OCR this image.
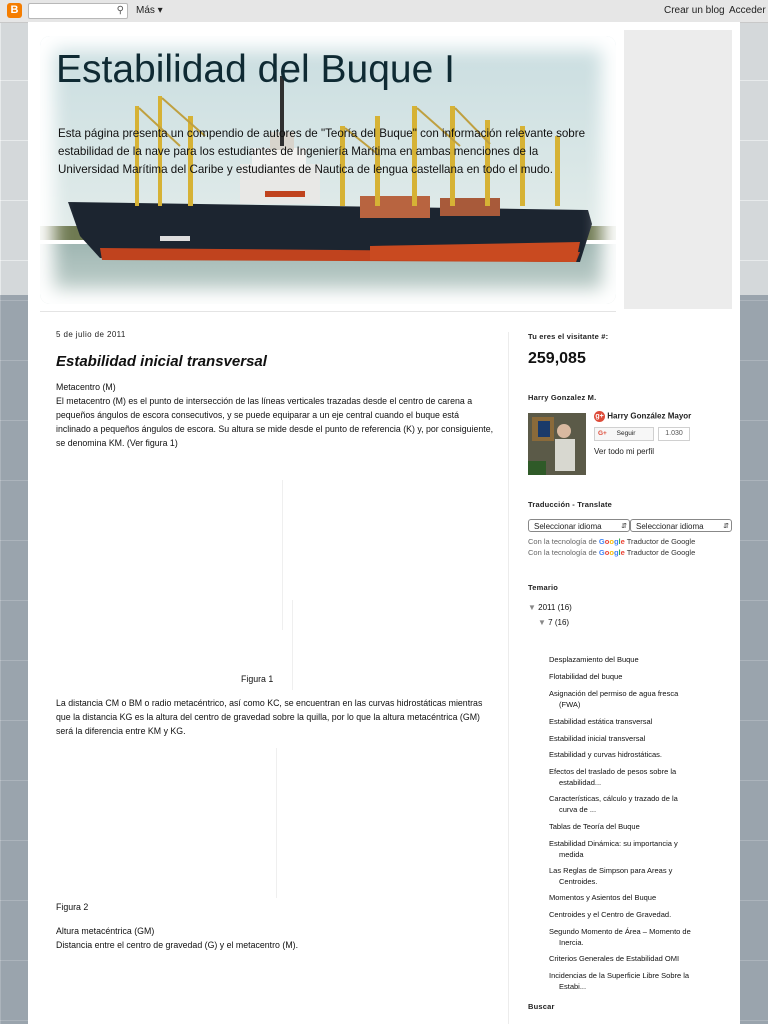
B	⚲ Más ▾	Crear un blog Acceder
Estabilidad del Buque I
Esta página presenta un compendio de autores de "Teoría del Buque" con información relevante sobre estabilidad de la nave para los estudiantes de Ingeniería Marítima en ambas menciones de la Universidad Marítima del Caribe y estudiantes de Nautica de lengua castellana en todo el mudo.
5 de julio de 2011
Estabilidad inicial transversal

Metacentro (M)

El metacentro (M) es el punto de intersección de las líneas verticales trazadas desde el centro de carena a pequeños ángulos de escora consecutivos, y se puede equiparar a un eje central cuando el buque está inclinado a pequeños ángulos de escora. Su altura se mide desde el punto de referencia (K) y, por consiguiente, se denomina KM. (Ver figura 1)

Figura 1

La distancia CM o BM o radio metacéntrico, así como KC, se encuentran en las curvas hidrostáticas mientras que la distancia KG es la altura del centro de gravedad sobre la quilla, por lo que la altura metacéntrica (GM) será la diferencia entre KM y KG.

Figura 2

Altura metacéntrica (GM)

Distancia entre el centro de gravedad (G) y el metacentro (M).

Tu eres el visitante #:
259,085
Harry Gonzalez M.
g+ Harry González Mayor
G+ Seguir	1.030
Ver todo mi perfil
Traducción - Translate
Seleccionar idioma	⇵	Seleccionar idioma	⇵
Con la tecnología de Google Traductor de Google
Con la tecnología de Google Traductor de Google
Temario
▼ 2011 (16)
▼ 7 (16)
Desplazamiento del Buque
Flotabilidad del buque
Asignación del permiso de agua fresca
(FWA)
Estabilidad estática transversal
Estabilidad inicial transversal
Estabilidad y curvas hidrostáticas.
Efectos del traslado de pesos sobre la
estabilidad...
Características, cálculo y trazado de la
curva de ...
Tablas de Teoría del Buque
Estabilidad Dinámica: su importancia y
medida
Las Reglas de Simpson para Areas y
Centroides.
Momentos y Asientos del Buque
Centroides y el Centro de Gravedad.
Segundo Momento de Área – Momento de
Inercia.
Criterios Generales de Estabilidad OMI
Incidencias de la Superficie Libre Sobre la
Estabi...
Buscar
